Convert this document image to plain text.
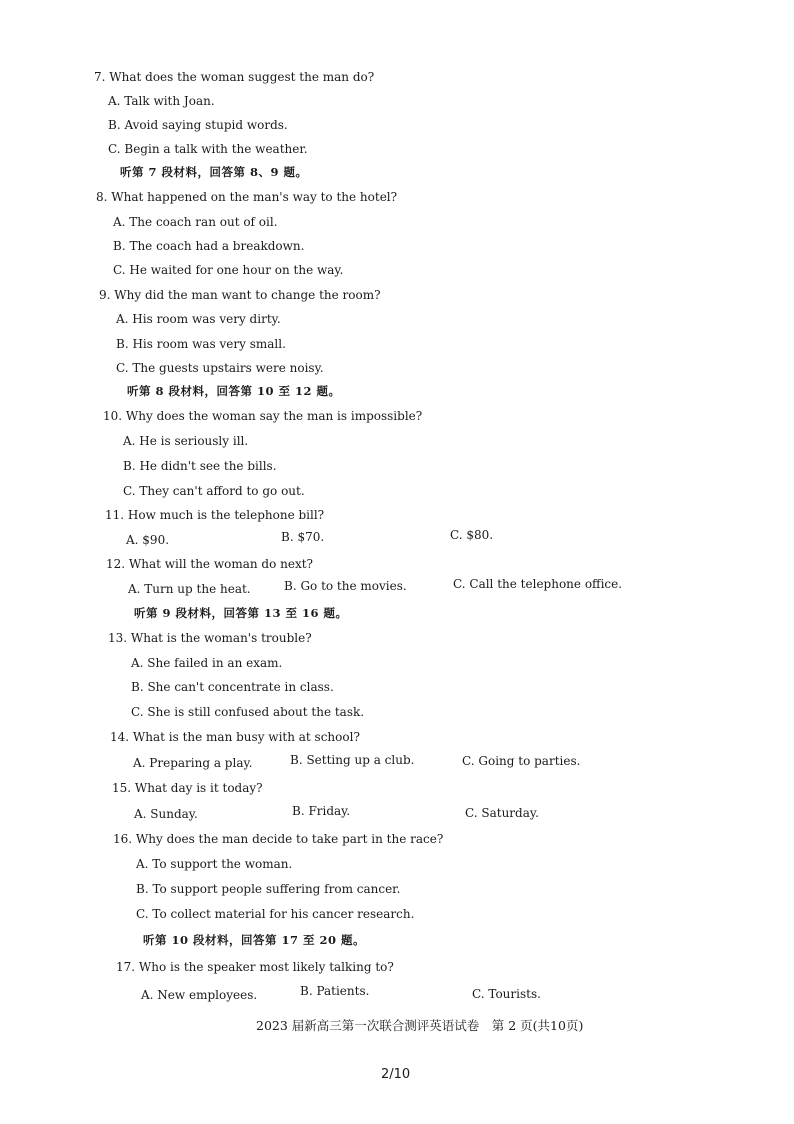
7. What does the woman suggest the man do?
A. Talk with Joan.
B. Avoid saying stupid words.
C. Begin a talk with the weather.
听第 7 段材料，回答第 8、9 题。
8. What happened on the man's way to the hotel?
A. The coach ran out of oil.
B. The coach had a breakdown.
C. He waited for one hour on the way.
9. Why did the man want to change the room?
A. His room was very dirty.
B. His room was very small.
C. The guests upstairs were noisy.
听第 8 段材料，回答第 10 至 12 题。
10. Why does the woman say the man is impossible?
A. He is seriously ill.
B. He didn't see the bills.
C. They can't afford to go out.
11. How much is the telephone bill?
A. $90.	B. $70.	C. $80.
12. What will the woman do next?
A. Turn up the heat.	B. Go to the movies.	C. Call the telephone office.
听第 9 段材料，回答第 13 至 16 题。
13. What is the woman's trouble?
A. She failed in an exam.
B. She can't concentrate in class.
C. She is still confused about the task.
14. What is the man busy with at school?
A. Preparing a play.	B. Setting up a club.	C. Going to parties.
15. What day is it today?
A. Sunday.	B. Friday.	C. Saturday.
16. Why does the man decide to take part in the race?
A. To support the woman.
B. To support people suffering from cancer.
C. To collect material for his cancer research.
听第 10 段材料，回答第 17 至 20 题。
17. Who is the speaker most likely talking to?
A. New employees.	B. Patients.	C. Tourists.
2023 届新高三第一次联合测评英语试卷　第 2 页(共10页)
2/10
